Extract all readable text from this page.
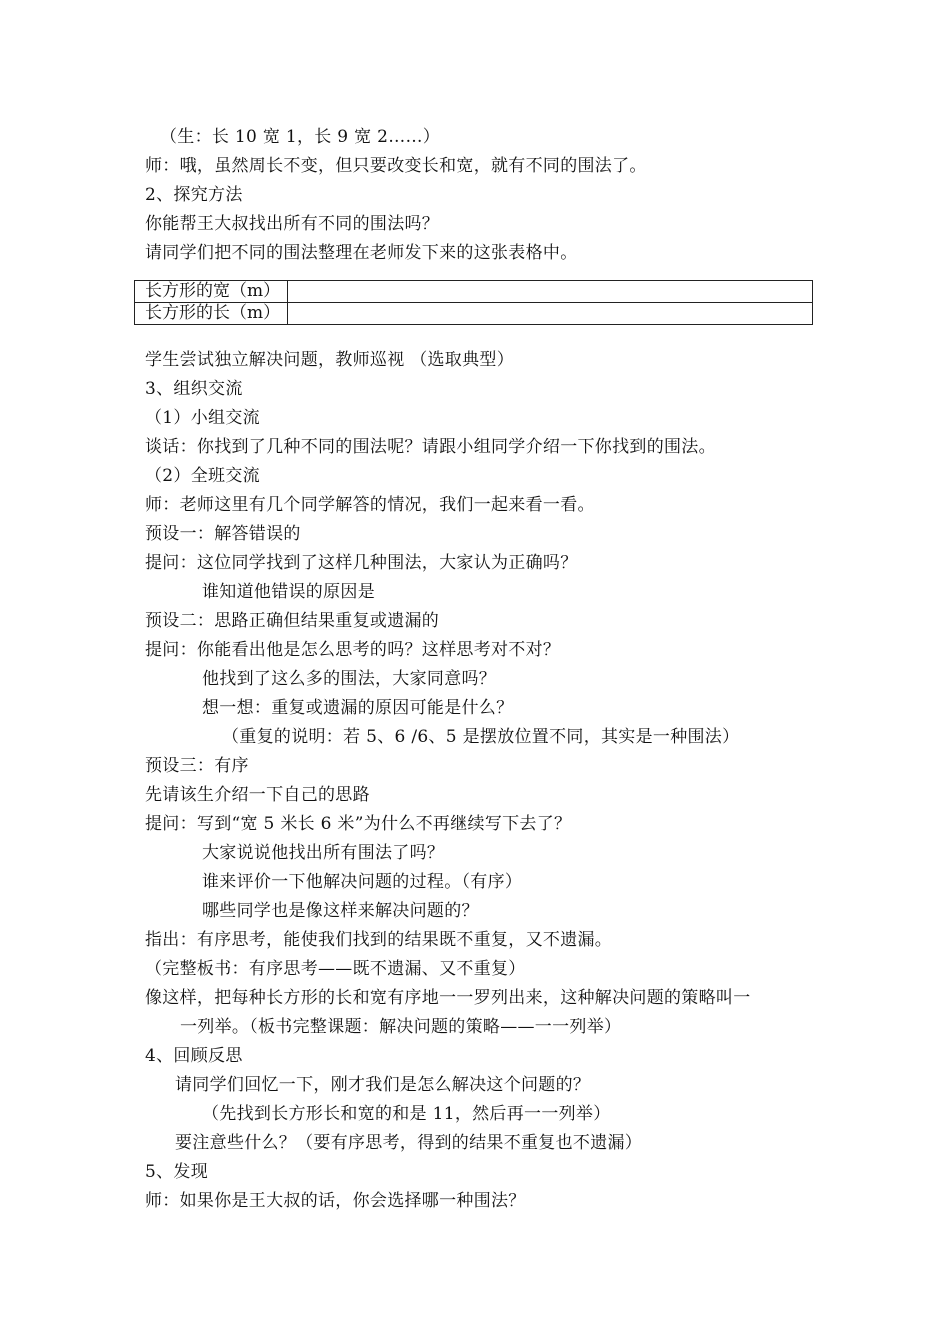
（生：长 10 宽 1，长 9 宽 2……）
师：哦，虽然周长不变，但只要改变长和宽，就有不同的围法了。
2、探究方法
你能帮王大叔找出所有不同的围法吗？
请同学们把不同的围法整理在老师发下来的这张表格中。
长方形的宽（m）	
长方形的长（m）	
学生尝试独立解决问题，教师巡视 （选取典型）
3、组织交流
（1）小组交流
谈话：你找到了几种不同的围法呢？请跟小组同学介绍一下你找到的围法。
（2）全班交流
师：老师这里有几个同学解答的情况，我们一起来看一看。
预设一：解答错误的
提问：这位同学找到了这样几种围法，大家认为正确吗？
谁知道他错误的原因是
预设二：思路正确但结果重复或遗漏的
提问：你能看出他是怎么思考的吗？这样思考对不对？
他找到了这么多的围法，大家同意吗？
想一想：重复或遗漏的原因可能是什么？
（重复的说明：若 5、6 /6、5 是摆放位置不同，其实是一种围法）
预设三：有序
先请该生介绍一下自己的思路
提问：写到“宽 5 米长 6 米”为什么不再继续写下去了？
大家说说他找出所有围法了吗？
谁来评价一下他解决问题的过程。（有序）
哪些同学也是像这样来解决问题的？
指出：有序思考，能使我们找到的结果既不重复，又不遗漏。
（完整板书：有序思考——既不遗漏、又不重复）
像这样，把每种长方形的长和宽有序地一一罗列出来，这种解决问题的策略叫一
一列举。（板书完整课题：解决问题的策略——一一列举）
4、回顾反思
请同学们回忆一下，刚才我们是怎么解决这个问题的？
（先找到长方形长和宽的和是 11，然后再一一列举）
要注意些什么？（要有序思考，得到的结果不重复也不遗漏）
5、发现
师：如果你是王大叔的话，你会选择哪一种围法？
